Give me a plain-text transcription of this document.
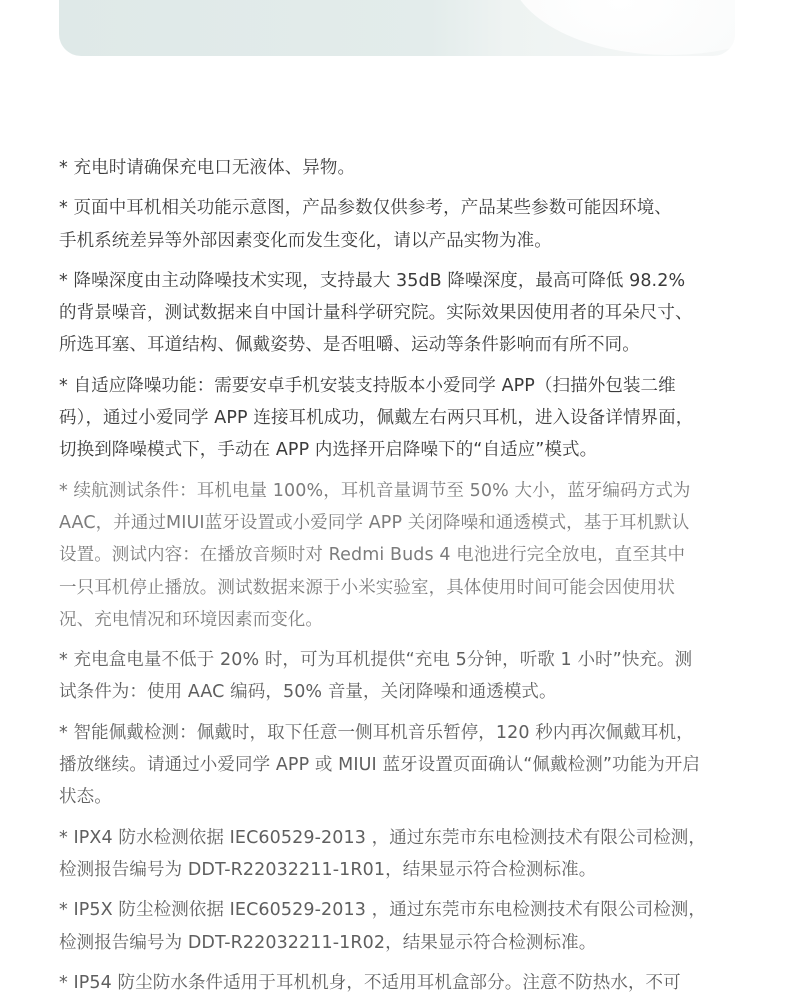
* 充电时请确保充电口无液体、异物。
* 页面中耳机相关功能示意图，产品参数仅供参考，产品某些参数可能因环境、
手机系统差异等外部因素变化而发生变化，请以产品实物为准。
* 降噪深度由主动降噪技术实现，支持最大 35dB 降噪深度，最高可降低 98.2%
的背景噪音，测试数据来自中国计量科学研究院。实际效果因使用者的耳朵尺寸、
所选耳塞、耳道结构、佩戴姿势、是否咀嚼、运动等条件影响而有所不同。
* 自适应降噪功能：需要安卓手机安装支持版本小爱同学 APP（扫描外包装二维
码），通过小爱同学 APP 连接耳机成功，佩戴左右两只耳机，进入设备详情界面，
切换到降噪模式下，手动在 APP 内选择开启降噪下的“自适应”模式。
* 续航测试条件：耳机电量 100%，耳机音量调节至 50% 大小，蓝牙编码方式为
AAC，并通过MIUI蓝牙设置或小爱同学 APP 关闭降噪和通透模式，基于耳机默认
设置。测试内容：在播放音频时对 Redmi Buds 4 电池进行完全放电，直至其中
一只耳机停止播放。测试数据来源于小米实验室，具体使用时间可能会因使用状
况、充电情况和环境因素而变化。
* 充电盒电量不低于 20% 时，可为耳机提供“充电 5分钟，听歌 1 小时”快充。测
试条件为：使用 AAC 编码，50% 音量，关闭降噪和通透模式。
* 智能佩戴检测：佩戴时，取下任意一侧耳机音乐暂停，120 秒内再次佩戴耳机，
播放继续。请通过小爱同学 APP 或 MIUI 蓝牙设置页面确认“佩戴检测”功能为开启
状态。
* IPX4 防水检测依据 IEC60529-2013 ，通过东莞市东电检测技术有限公司检测，
检测报告编号为 DDT-R22032211-1R01，结果显示符合检测标准。
* IP5X 防尘检测依据 IEC60529-2013 ，通过东莞市东电检测技术有限公司检测，
检测报告编号为 DDT-R22032211-1R02，结果显示符合检测标准。
* IP54 防尘防水条件适用于耳机机身，不适用耳机盒部分。注意不防热水，不可
